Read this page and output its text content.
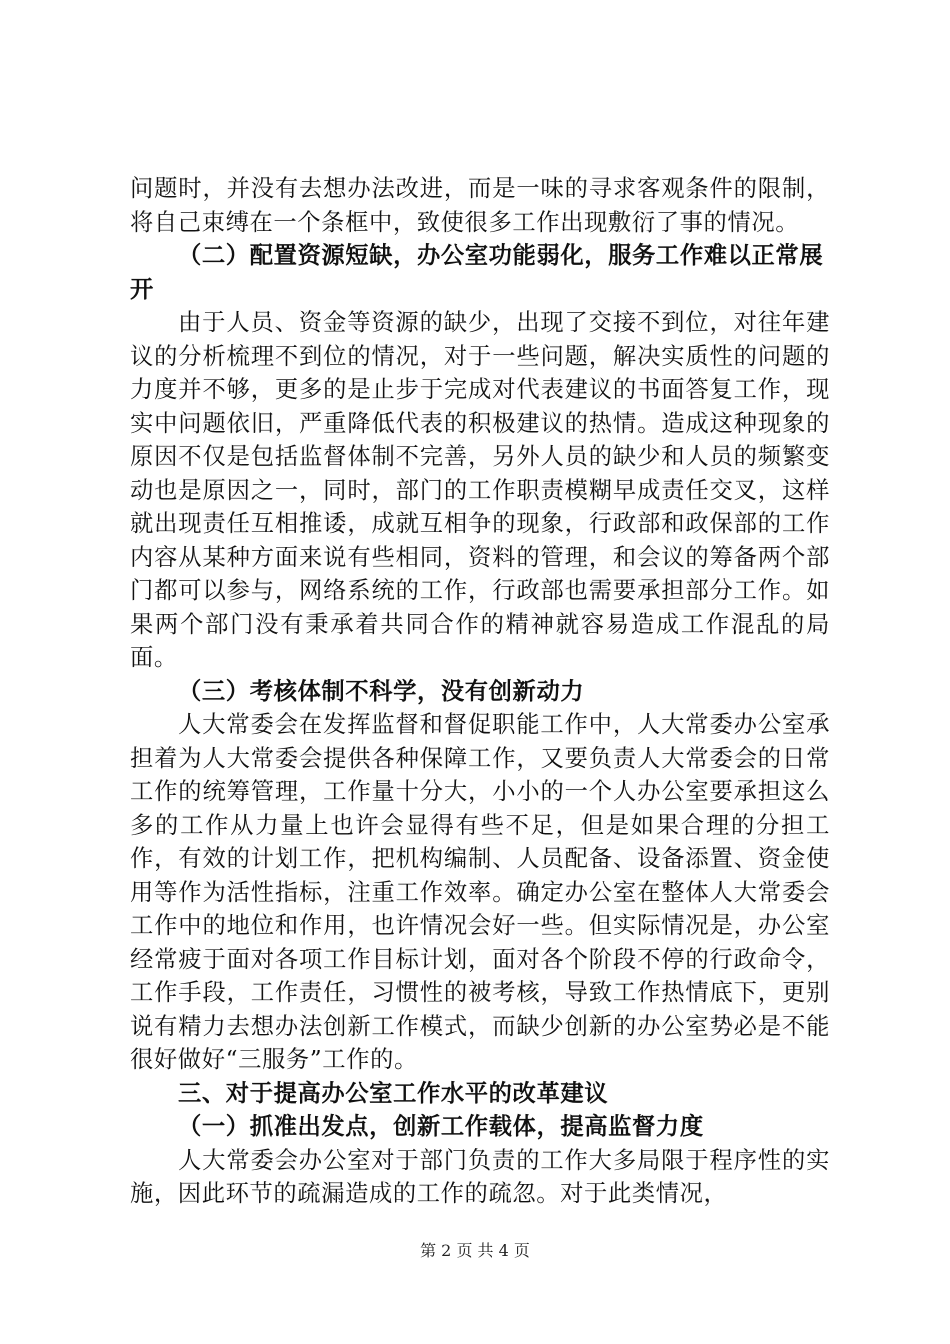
问题时，并没有去想办法改进，而是一味的寻求客观条件的限制，将自己束缚在一个条框中，致使很多工作出现敷衍了事的情况。

（二）配置资源短缺，办公室功能弱化，服务工作难以正常展开

由于人员、资金等资源的缺少，出现了交接不到位，对往年建议的分析梳理不到位的情况，对于一些问题，解决实质性的问题的力度并不够，更多的是止步于完成对代表建议的书面答复工作，现实中问题依旧，严重降低代表的积极建议的热情。造成这种现象的原因不仅是包括监督体制不完善，另外人员的缺少和人员的频繁变动也是原因之一，同时，部门的工作职责模糊早成责任交叉，这样就出现责任互相推诿，成就互相争的现象，行政部和政保部的工作内容从某种方面来说有些相同，资料的管理，和会议的筹备两个部门都可以参与，网络系统的工作，行政部也需要承担部分工作。如果两个部门没有秉承着共同合作的精神就容易造成工作混乱的局面。

（三）考核体制不科学，没有创新动力

人大常委会在发挥监督和督促职能工作中，人大常委办公室承担着为人大常委会提供各种保障工作，又要负责人大常委会的日常工作的统筹管理，工作量十分大，小小的一个人办公室要承担这么多的工作从力量上也许会显得有些不足，但是如果合理的分担工作，有效的计划工作，把机构编制、人员配备、设备添置、资金使用等作为活性指标，注重工作效率。确定办公室在整体人大常委会工作中的地位和作用，也许情况会好一些。但实际情况是，办公室经常疲于面对各项工作目标计划，面对各个阶段不停的行政命令，工作手段，工作责任，习惯性的被考核，导致工作热情底下，更别说有精力去想办法创新工作模式，而缺少创新的办公室势必是不能很好做好“三服务”工作的。

三、对于提高办公室工作水平的改革建议

（一）抓准出发点，创新工作载体，提高监督力度

人大常委会办公室对于部门负责的工作大多局限于程序性的实施，因此环节的疏漏造成的工作的疏忽。对于此类情况，

第 2 页 共 4 页
